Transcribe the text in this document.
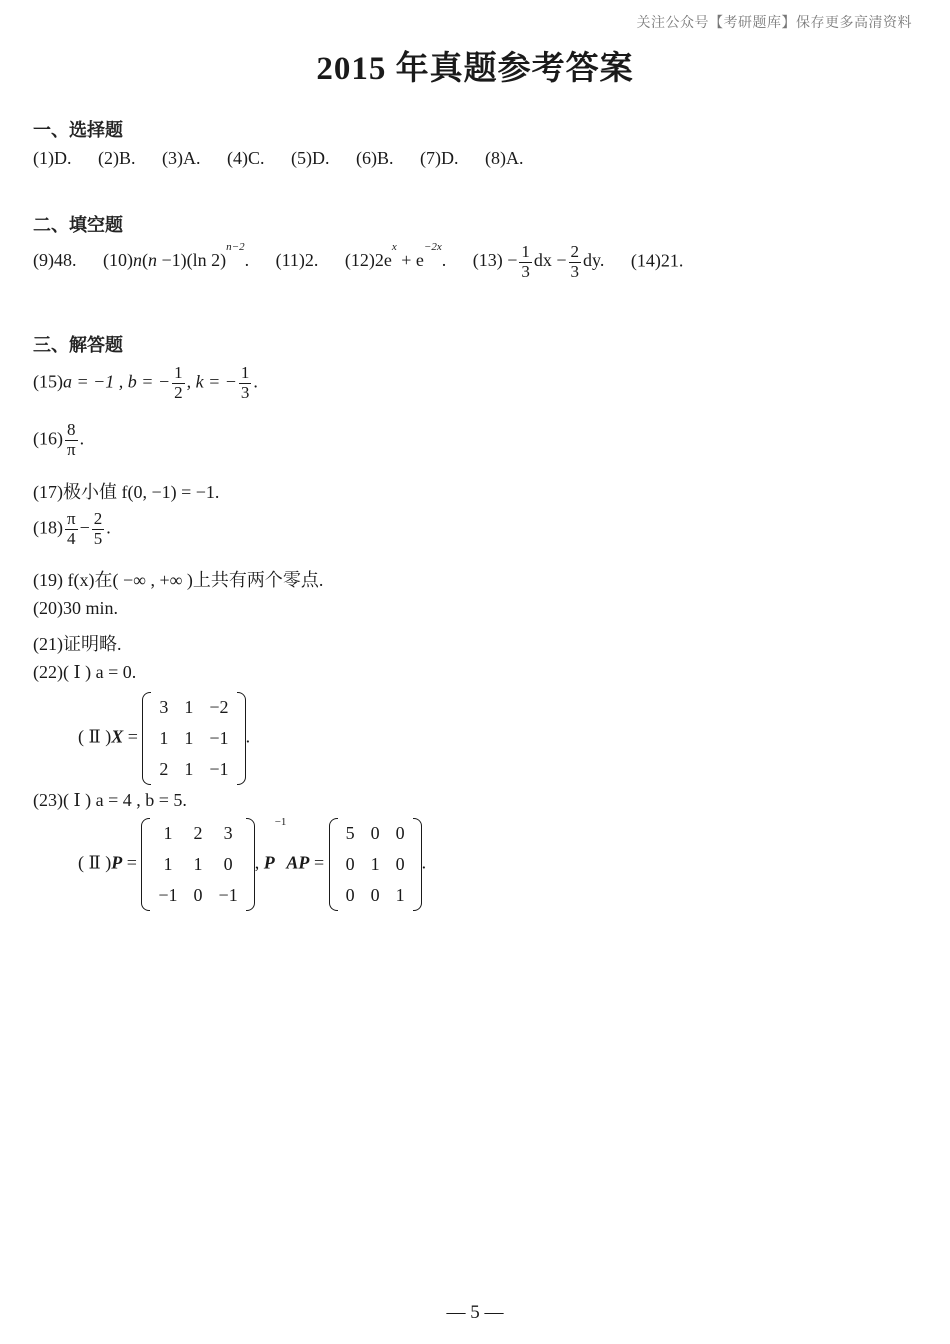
关注公众号【考研题库】保存更多高清资料
2015 年真题参考答案
一、选择题
(1)D. (2)B. (3)A. (4)C. (5)D. (6)B. (7)D. (8)A.
二、填空题
(9)48. (10)n(n −1)(ln 2)$^{n-2}$. (11)2. $(12)2e^x + e^{-2x}$. $(13) - \frac{1}{3}$ dx − $\frac{2}{3}$ dy. (14)21.
三、解答题
(15)a = −1 , b = − $\frac{1}{2}$ , k = − $\frac{1}{3}$ .
$(16) \frac{8}{\pi}$ .
(17)极小值 f(0, −1) = −1.
$(18) \frac{\pi}{4} - \frac{2}{5}$ .
(19) f(x)在( −∞ , +∞ )上共有两个零点.
(20)30 min.
(21)证明略.
(22)( Ⅰ ) a = 0.
( Ⅱ )X =
3	1	−2
1	1	−1
2	1	−1
.
(23)( Ⅰ ) a = 4 , b = 5.
( Ⅱ )P =
1	2	3
1	1	0
−1	0	−1
, $P^{-1}AP$ =
5	0	0
0	1	0
0	0	1
.
— 5 —
